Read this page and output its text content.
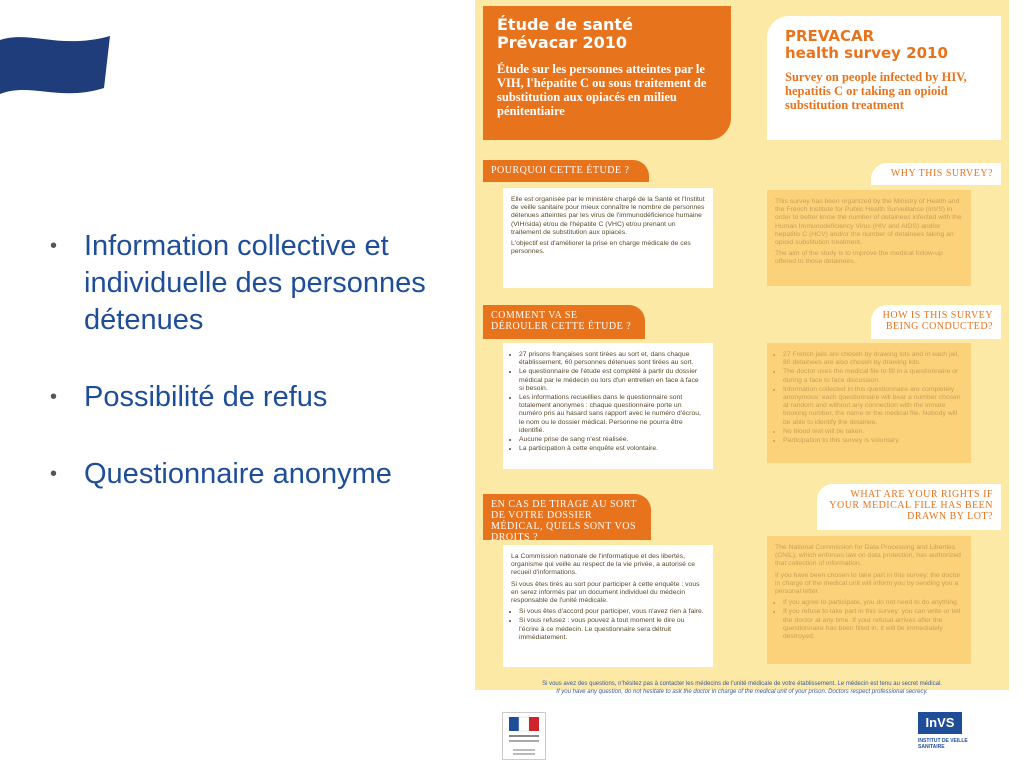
• Information collective et individuelle des personnes détenues
• Possibilité de refus
• Questionnaire anonyme
Étude de santé
Prévacar 2010
Étude sur les personnes atteintes par le VIH, l'hépatite C ou sous traitement de substitution aux opiacés en milieu pénitentiaire
PREVACAR
health survey 2010
Survey on people infected by HIV, hepatitis C or taking an opioid substitution treatment
POURQUOI CETTE ÉTUDE ?

Elle est organisée par le ministère chargé de la Santé et l'Institut de veille sanitaire pour mieux connaître le nombre de personnes détenues atteintes par les virus de l'immunodéficience humaine (VIH/sida) et/ou de l'hépatite C (VHC) et/ou prenant un traitement de substitution aux opiacés.

L'objectif est d'améliorer la prise en charge médicale de ces personnes.

WHY THIS SURVEY?

This survey has been organized by the Ministry of Health and the French Institute for Public Health Surveillance (InVS) in order to better know the number of detainees infected with the Human Immunodeficiency Virus (HIV and AIDS) and/or hepatitis C (HCV) and/or the number of detainees taking an opioid substitution treatment.

The aim of the study is to improve the medical follow-up offered to those detainees.

COMMENT VA SE DÉROULER CETTE ÉTUDE ?
• 27 prisons françaises sont tirées au sort et, dans chaque établissement, 60 personnes détenues sont tirées au sort.
• Le questionnaire de l'étude est complété à partir du dossier médical par le médecin ou lors d'un entretien en face à face si besoin.
• Les informations recueillies dans le questionnaire sont totalement anonymes : chaque questionnaire porte un numéro pris au hasard sans rapport avec le numéro d'écrou, le nom ou le dossier médical. Personne ne pourra être identifié.
• Aucune prise de sang n'est réalisée.
• La participation à cette enquête est volontaire.
HOW IS THIS SURVEY BEING CONDUCTED?
• 27 French jails are chosen by drawing lots and in each jail, 60 detainees are also chosen by drawing lots.
• The doctor uses the medical file to fill in a questionnaire or during a face to face discussion.
• Information collected in this questionnaire are completely anonymous: each questionnaire will bear a number chosen at random and without any connection with the inmate booking number, the name or the medical file. Nobody will be able to identify the detainee.
• No blood test will be taken.
• Participation to this survey is voluntary.
EN CAS DE TIRAGE AU SORT DE VOTRE DOSSIER MÉDICAL, QUELS SONT VOS DROITS ?

La Commission nationale de l'informatique et des libertés, organisme qui veille au respect de la vie privée, a autorisé ce recueil d'informations.

Si vous êtes tirés au sort pour participer à cette enquête : vous en serez informés par un document individuel du médecin responsable de l'unité médicale.

• Si vous êtes d'accord pour participer, vous n'avez rien à faire.
• Si vous refusez : vous pouvez à tout moment le dire ou l'écrire à ce médecin. Le questionnaire sera détruit immédiatement.
WHAT ARE YOUR RIGHTS IF YOUR MEDICAL FILE HAS BEEN DRAWN BY LOT?

The National Commission for Data Processing and Liberties (CNIL), which enforces law on data protection, has authorized that collection of information.

If you have been chosen to take part in this survey: the doctor in charge of the medical unit will inform you by sending you a personal letter.

• If you agree to participate, you do not need to do anything.
• If you refuse to take part in this survey: you can write or tell the doctor at any time. If your refusal arrives after the questionnaire has been filled in, it will be immediately destroyed.
Si vous avez des questions, n'hésitez pas à contacter les médecins de l'unité médicale de votre établissement. Le médecin est tenu au secret médical.
If you have any question, do not hesitate to ask the doctor in charge of the medical unit of your prison. Doctors respect professional secrecy.
InVS
INSTITUT DE VEILLE SANITAIRE
